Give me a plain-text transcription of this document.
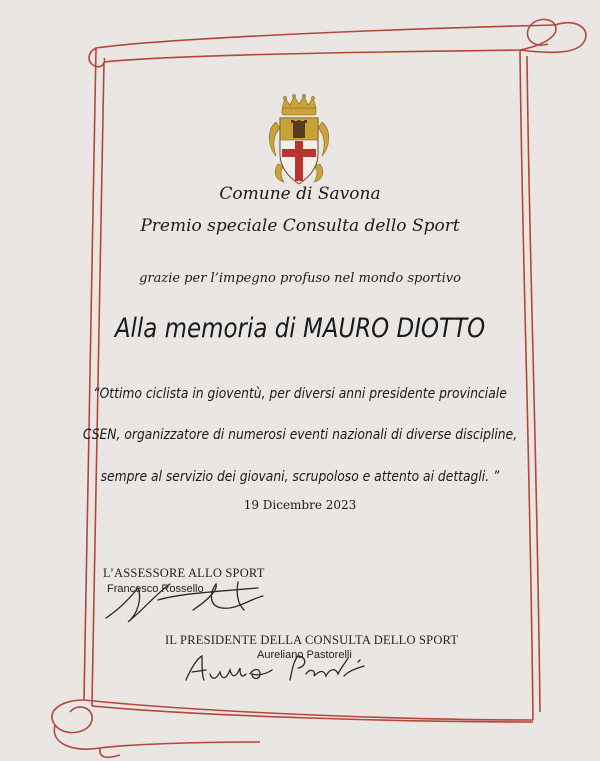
Comune di Savona
Premio speciale Consulta dello Sport
grazie per l’impegno profuso nel mondo sportivo
Alla memoria di MAURO DIOTTO
“Ottimo ciclista in gioventù, per diversi anni presidente provinciale
CSEN, organizzatore di numerosi eventi nazionali di diverse discipline,
sempre al servizio dei giovani, scrupoloso e attento ai dettagli. ”
19 Dicembre 2023
L’ASSESSORE ALLO SPORT
Francesco Rossello
IL PRESIDENTE DELLA CONSULTA DELLO SPORT
Aureliano Pastorelli
